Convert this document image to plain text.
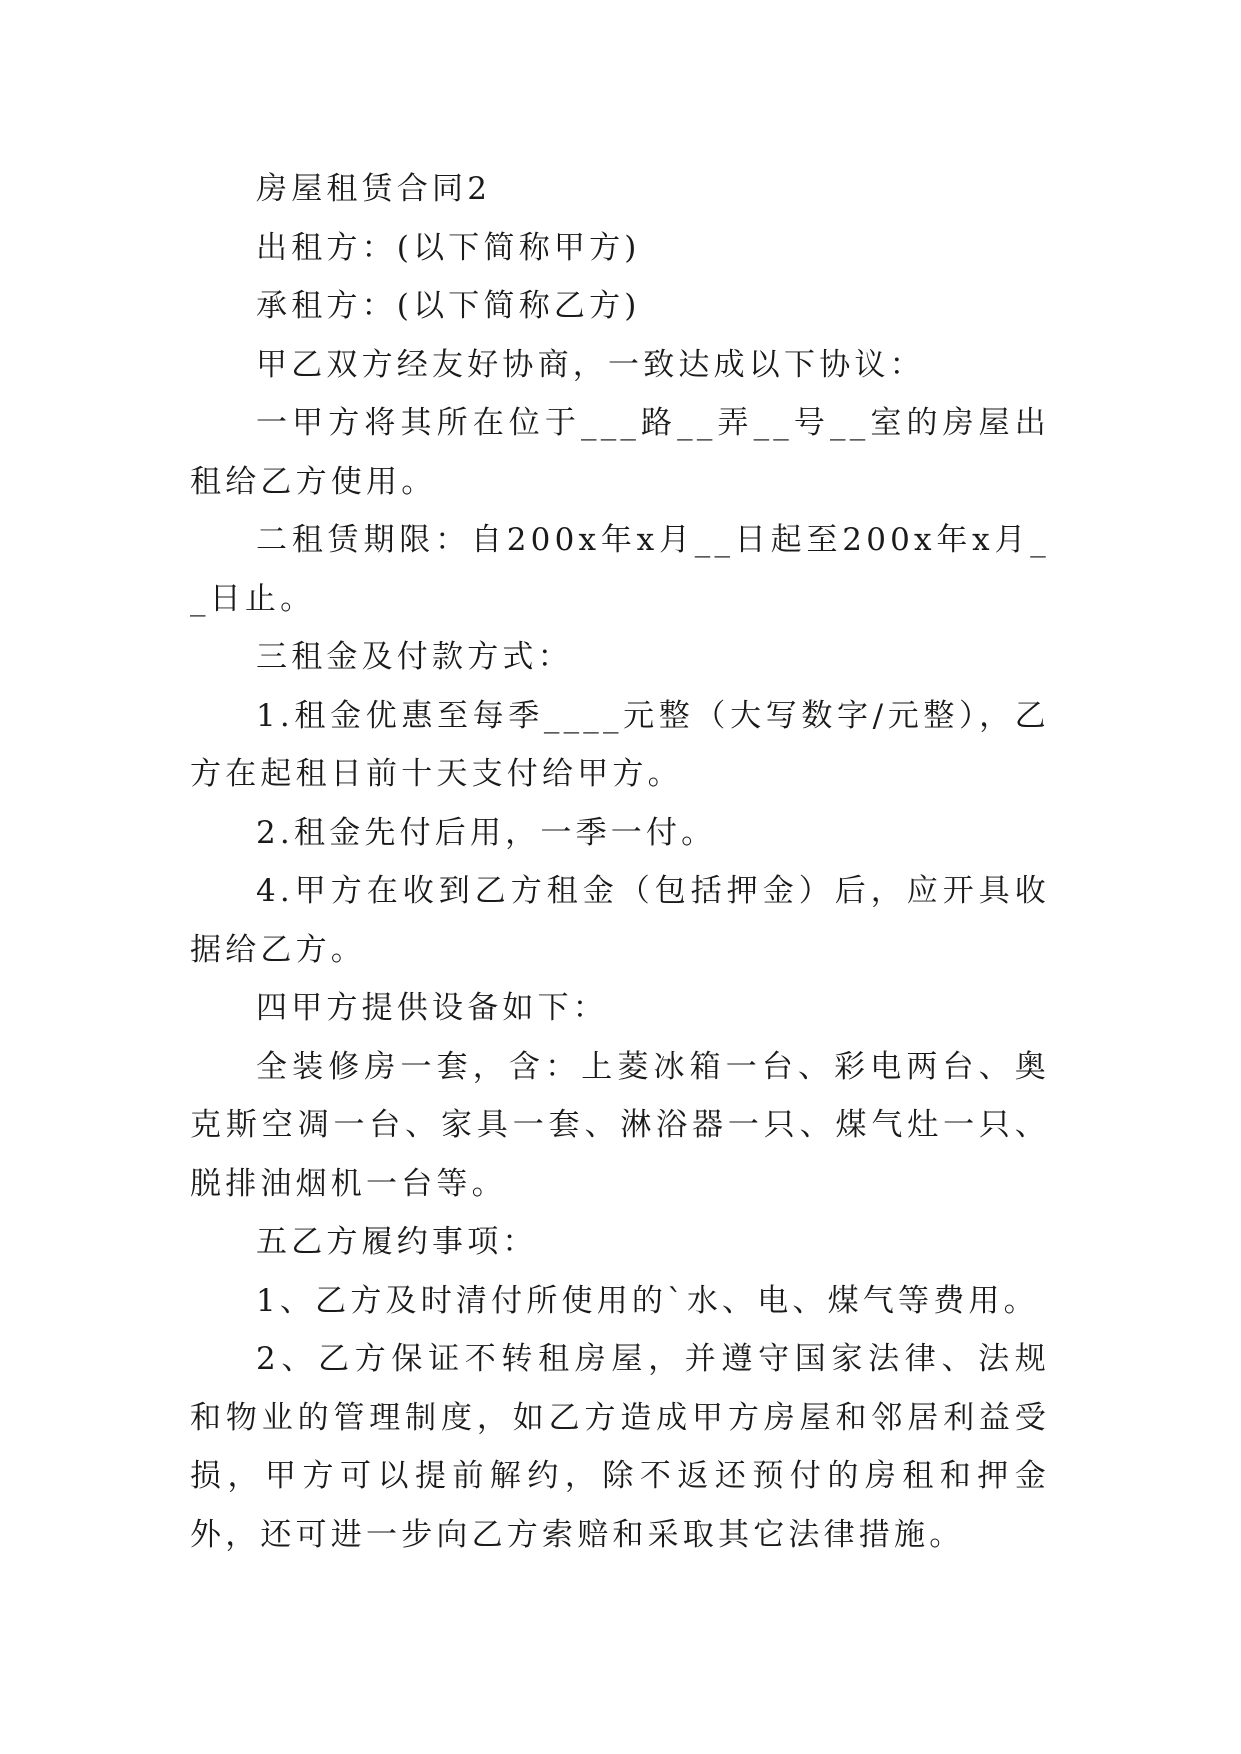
房屋租赁合同2

出租方：(以下简称甲方)

承租方：(以下简称乙方)

甲乙双方经友好协商，一致达成以下协议：

一甲方将其所在位于___路__弄__号__室的房屋出租给乙方使用。

二租赁期限：自200x年x月__日起至200x年x月__日止。

三租金及付款方式：

1.租金优惠至每季____元整（大写数字/元整），乙方在起租日前十天支付给甲方。

2.租金先付后用，一季一付。

4.甲方在收到乙方租金（包括押金）后，应开具收据给乙方。

四甲方提供设备如下：

全装修房一套，含：上菱冰箱一台、彩电两台、奥克斯空凋一台、家具一套、淋浴器一只、煤气灶一只、脱排油烟机一台等。

五乙方履约事项：

1、乙方及时清付所使用的`水、电、煤气等费用。

2、乙方保证不转租房屋，并遵守国家法律、法规和物业的管理制度，如乙方造成甲方房屋和邻居利益受损，甲方可以提前解约，除不返还预付的房租和押金外，还可进一步向乙方索赔和采取其它法律措施。
